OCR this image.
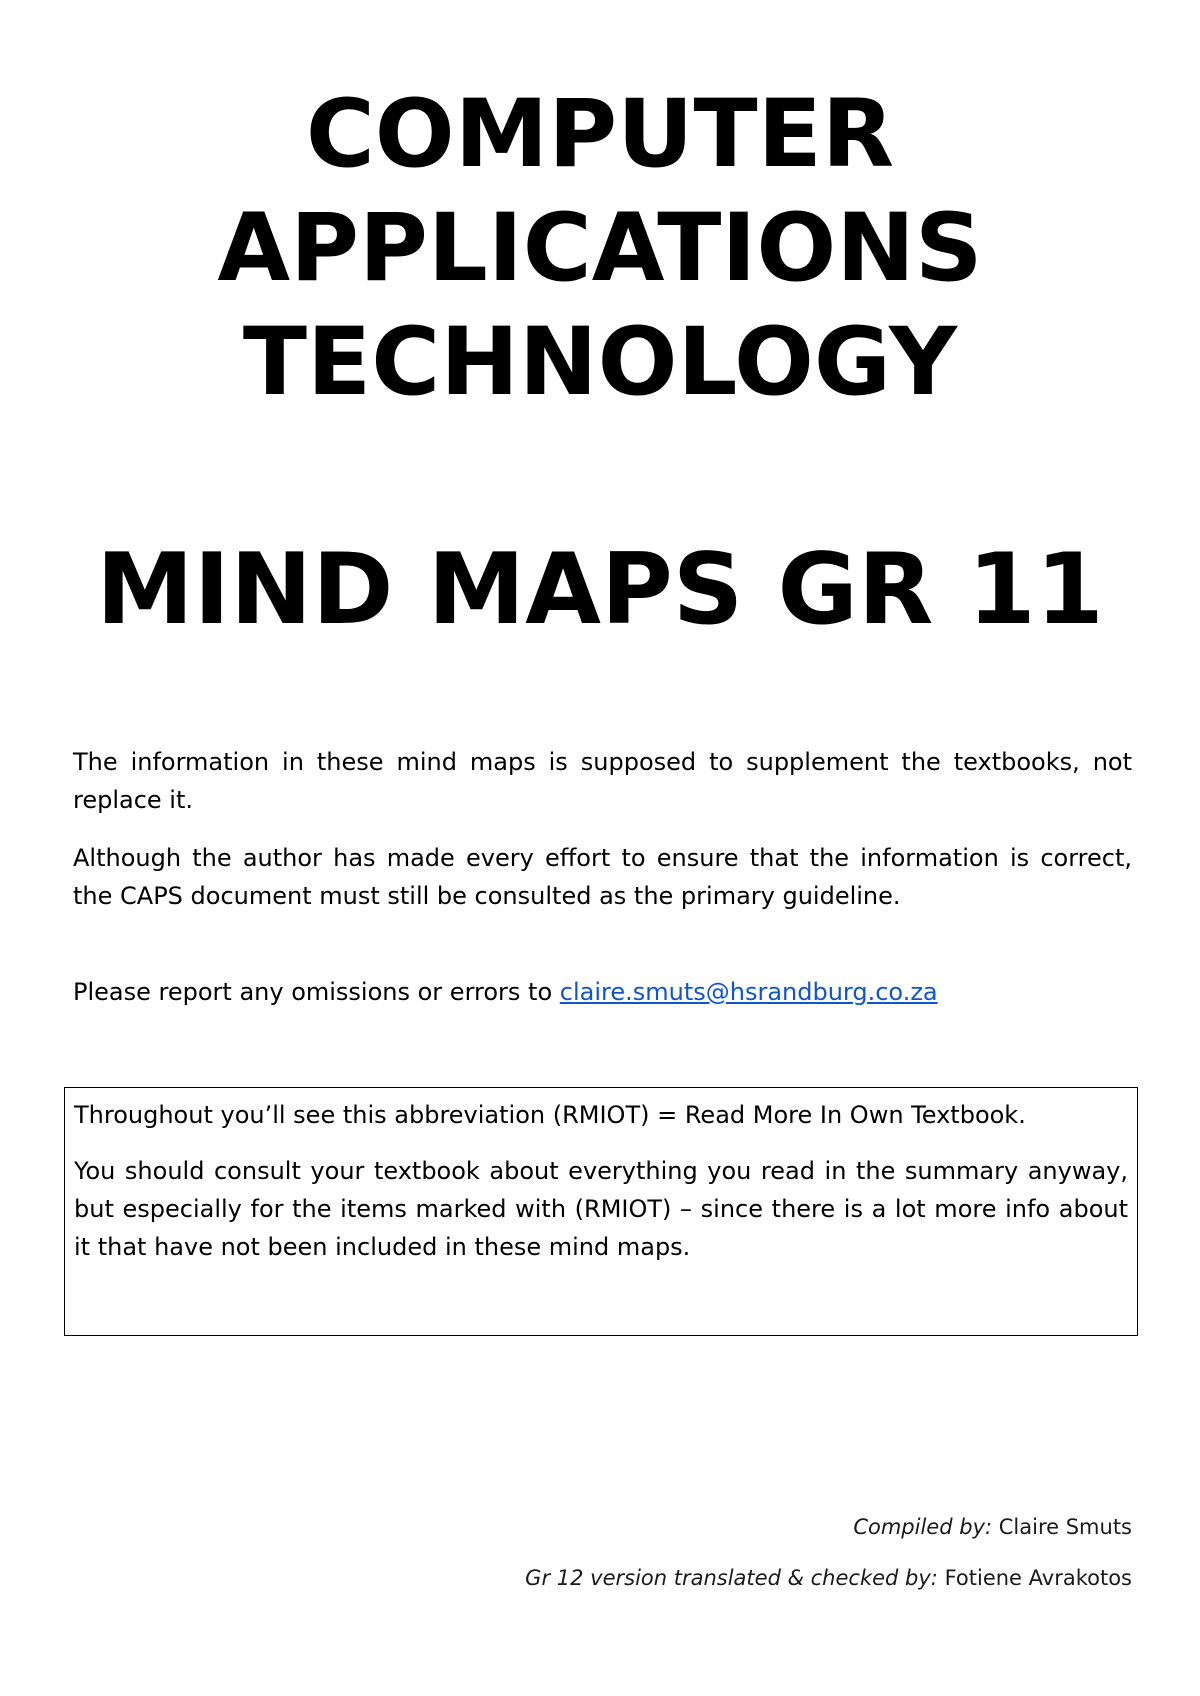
COMPUTER
APPLICATIONS
TECHNOLOGY
MIND MAPS GR 11

The information in these mind maps is supposed to supplement the textbooks, not replace it.

Although the author has made every effort to ensure that the information is correct, the CAPS document must still be consulted as the primary guideline.

Please report any omissions or errors to claire.smuts@hsrandburg.co.za

Throughout you’ll see this abbreviation (RMIOT) = Read More In Own Textbook.

You should consult your textbook about everything you read in the summary anyway, but especially for the items marked with (RMIOT) – since there is a lot more info about it that have not been included in these mind maps.

Compiled by: Claire Smuts

Gr 12 version translated & checked by: Fotiene Avrakotos
